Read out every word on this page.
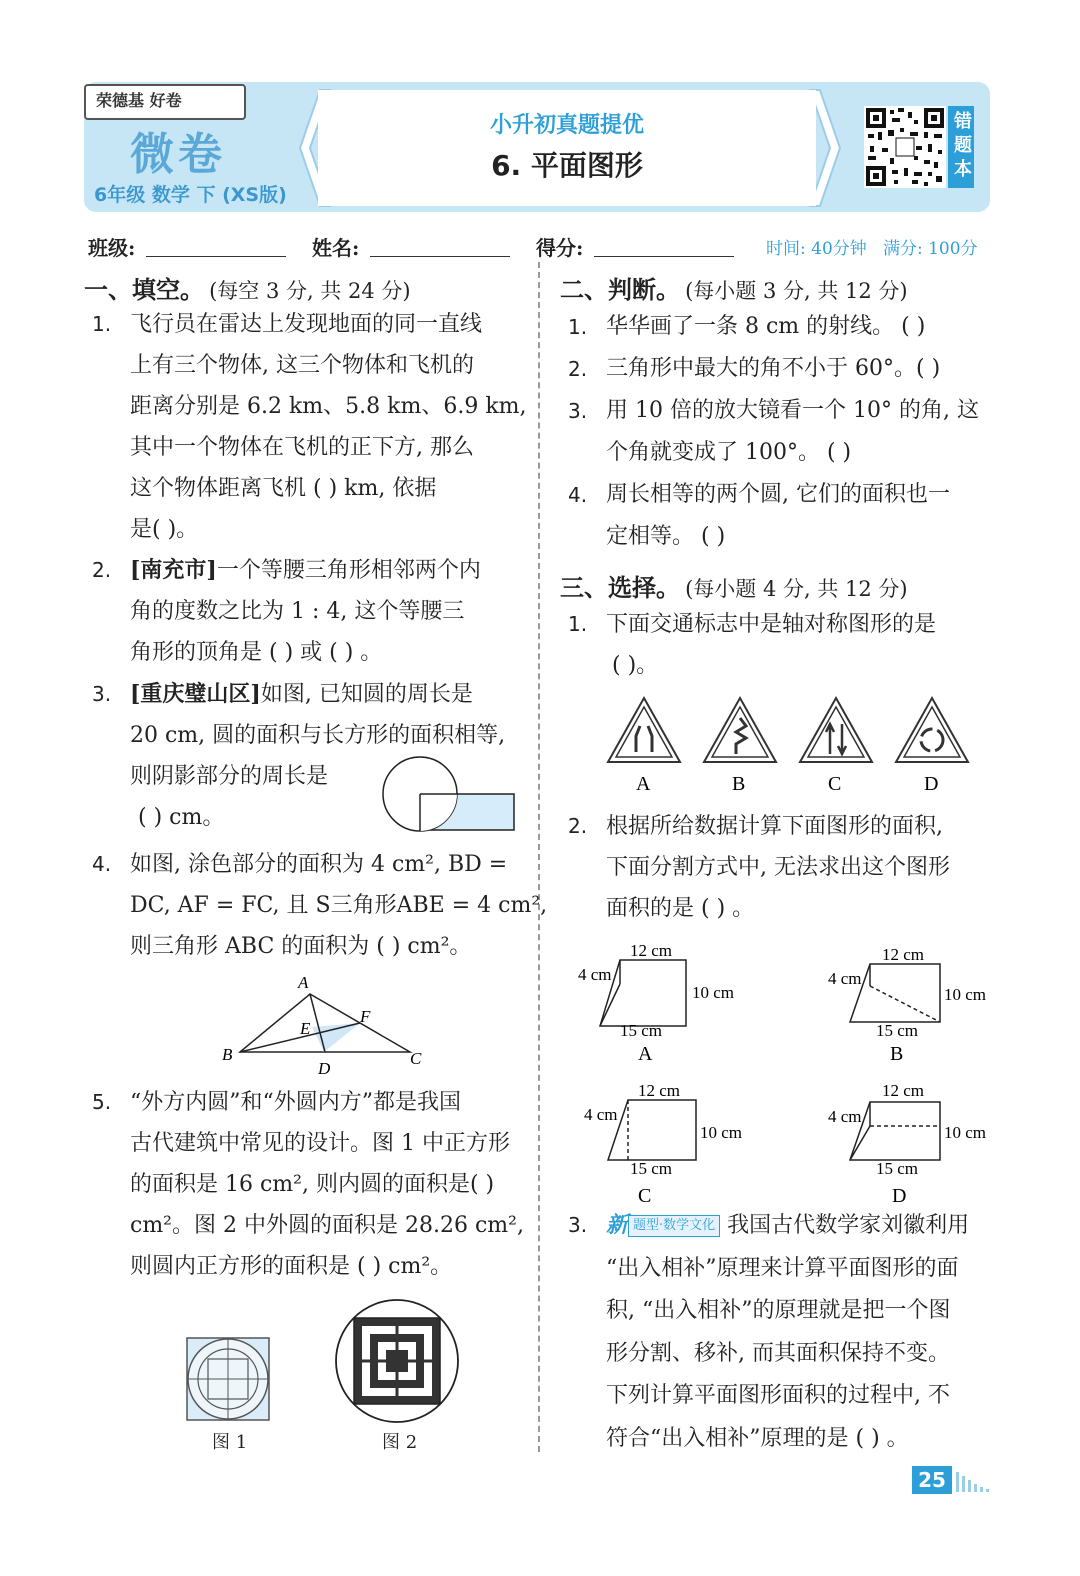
荣德基 好卷
微卷
6年级 数学 下 (XS版)
小升初真题提优
6. 平面图形	错题本
班级:	姓名:	得分:	时间: 40分钟 满分: 100分
一、填空。 (每空 3 分, 共 24 分)
1. 飞行员在雷达上发现地面的同一直线
上有三个物体, 这三个物体和飞机的
距离分别是 6.2 km、5.8 km、6.9 km,
其中一个物体在飞机的正下方, 那么
这个物体距离飞机 ( ) km, 依据
是( )。
2. [南充市]一个等腰三角形相邻两个内
角的度数之比为 1 : 4, 这个等腰三
角形的顶角是 ( ) 或 ( ) 。
3. [重庆璧山区]如图, 已知圆的周长是
20 cm, 圆的面积与长方形的面积相等,
则阴影部分的周长是
( ) cm。
4. 如图, 涂色部分的面积为 4 cm², BD =
DC, AF = FC, 且 S三角形ABE = 4 cm²,
则三角形 ABC 的面积为 ( ) cm²。
A
B	C
D
E
F
5. “外方内圆”和“外圆内方”都是我国
古代建筑中常见的设计。图 1 中正方形
的面积是 16 cm², 则内圆的面积是( )
cm²。图 2 中外圆的面积是 28.26 cm²,
则圆内正方形的面积是 ( ) cm²。
图 1	图 2
二、判断。 (每小题 3 分, 共 12 分)
1. 华华画了一条 8 cm 的射线。 ( )
2. 三角形中最大的角不小于 60°。( )
3. 用 10 倍的放大镜看一个 10° 的角, 这
个角就变成了 100°。 ( )
4. 周长相等的两个圆, 它们的面积也一
定相等。 ( )
三、选择。 (每小题 4 分, 共 12 分)
1. 下面交通标志中是轴对称图形的是
( )。
A	B	C	D
2. 根据所给数据计算下面图形的面积,
下面分割方式中, 无法求出这个图形
面积的是 ( ) 。
12 cm
4 cm
10 cm
15 cm
A
12 cm
4 cm
10 cm
15 cm
B
12 cm
4 cm
10 cm
15 cm
C
12 cm
4 cm
10 cm
15 cm
D
3. 新 题型·数学文化 我国古代数学家刘徽利用
“出入相补”原理来计算平面图形的面
积, “出入相补”的原理就是把一个图
形分割、移补, 而其面积保持不变。
下列计算平面图形面积的过程中, 不
符合“出入相补”原理的是 ( ) 。
25
